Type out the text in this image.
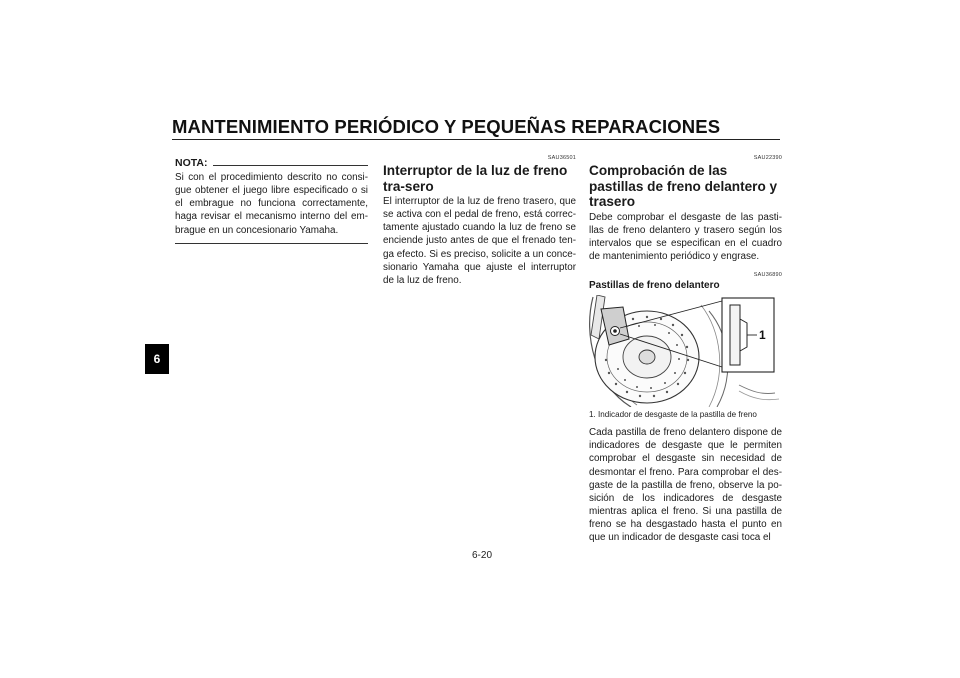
MANTENIMIENTO PERIÓDICO Y PEQUEÑAS REPARACIONES
6
NOTA:

Si con el procedimiento descrito no consi-gue obtener el juego libre especificado o si el embrague no funciona correctamente, haga revisar el mecanismo interno del em-brague en un concesionario Yamaha.

SAU36501
Interruptor de la luz de freno tra-sero

El interruptor de la luz de freno trasero, que se activa con el pedal de freno, está correc-tamente ajustado cuando la luz de freno se enciende justo antes de que el frenado ten-ga efecto. Si es preciso, solicite a un conce-sionario Yamaha que ajuste el interruptor de la luz de freno.

SAU22390
Comprobación de las pastillas de freno delantero y trasero

Debe comprobar el desgaste de las pasti-llas de freno delantero y trasero según los intervalos que se especifican en el cuadro de mantenimiento periódico y engrase.

SAU36890
Pastillas de freno delantero
1
1. Indicador de desgaste de la pastilla de freno

Cada pastilla de freno delantero dispone de indicadores de desgaste que le permiten comprobar el desgaste sin necesidad de desmontar el freno. Para comprobar el des-gaste de la pastilla de freno, observe la po-sición de los indicadores de desgaste mientras aplica el freno. Si una pastilla de freno se ha desgastado hasta el punto en que un indicador de desgaste casi toca el

6-20
